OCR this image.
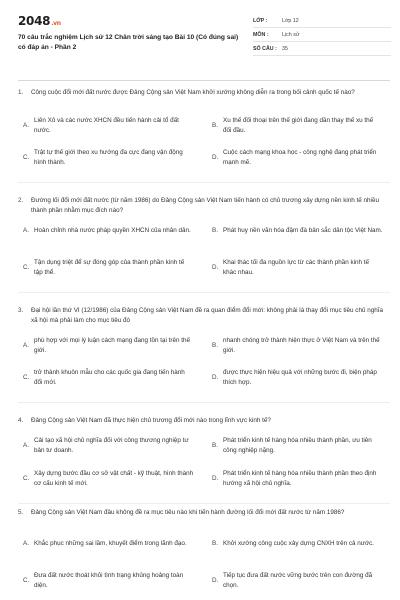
2048.vn
70 câu trắc nghiệm Lịch sử 12 Chân trời sáng tạo Bài 10 (Có đúng sai) có đáp án - Phần 2
LỚP :	Lớp 12
MÔN :	Lịch sử
SỐ CÂU : 35
1.	Công cuộc đổi mới đất nước được Đảng Cộng sản Việt Nam khởi xướng không diễn ra trong bối cảnh quốc tế nào?
A.
Liên Xô và các nước XHCN đều tiến hành cải tổ đất nước.
B.
Xu thế đối thoại trên thế giới đang dần thay thế xu thế đối đầu.
C.
Trật tự thế giới theo xu hướng đa cực đang vận động hình thành.
D.
Cuộc cách mạng khoa học - công nghệ đang phát triển mạnh mẽ.
2.	Đường lối đổi mới đất nước (từ năm 1986) do Đảng Cộng sản Việt Nam tiến hành có chủ trương xây dựng nền kinh tế nhiều thành phần nhằm mục đích nào?
A. Hoàn chỉnh nhà nước pháp quyền XHCN của nhân dân.	B. Phát huy nền văn hóa đậm đà bản sắc dân tộc Việt Nam.
C.
Tận dụng triệt để sự đóng góp của thành phần kinh tế tập thể.
D.
Khai thác tối đa nguồn lực từ các thành phần kinh tế khác nhau.
3.	Đại hội lần thứ VI (12/1986) của Đảng Cộng sản Việt Nam đề ra quan điểm đổi mới: không phải là thay đổi mục tiêu chủ nghĩa xã hội mà phải làm cho mục tiêu đó
A.
phù hợp với mọi lý luận cách mạng đang tồn tại trên thế giới.
B.
nhanh chóng trở thành hiện thực ở Việt Nam và trên thế giới.
C.
trở thành khuôn mẫu cho các quốc gia đang tiến hành đổi mới.
D.
được thực hiện hiệu quả với những bước đi, biện pháp thích hợp.
4.	Đảng Cộng sản Việt Nam đã thực hiện chủ trương đổi mới nào trong lĩnh vực kinh tế?
A.
Cải tạo xã hội chủ nghĩa đối với công thương nghiệp tư bản tư doanh.
B.
Phát triển kinh tế hàng hóa nhiều thành phần, ưu tiên công nghiệp nặng.
C.
Xây dựng bước đầu cơ sở vật chất - kỹ thuật, hình thành cơ cấu kinh tế mới.
D.
Phát triển kinh tế hàng hóa nhiều thành phần theo định hướng xã hội chủ nghĩa.
5.	Đảng Cộng sản Việt Nam đâu không đề ra mục tiêu nào khi tiến hành đường lối đổi mới đất nước từ năm 1986?
A. Khắc phục những sai lầm, khuyết điểm trong lãnh đạo.	B. Khởi xướng công cuộc xây dựng CNXH trên cả nước.
C.
Đưa đất nước thoát khỏi tình trạng khủng hoảng toàn diện.
D.
Tiếp tục đưa đất nước vững bước trên con đường đã chọn.
